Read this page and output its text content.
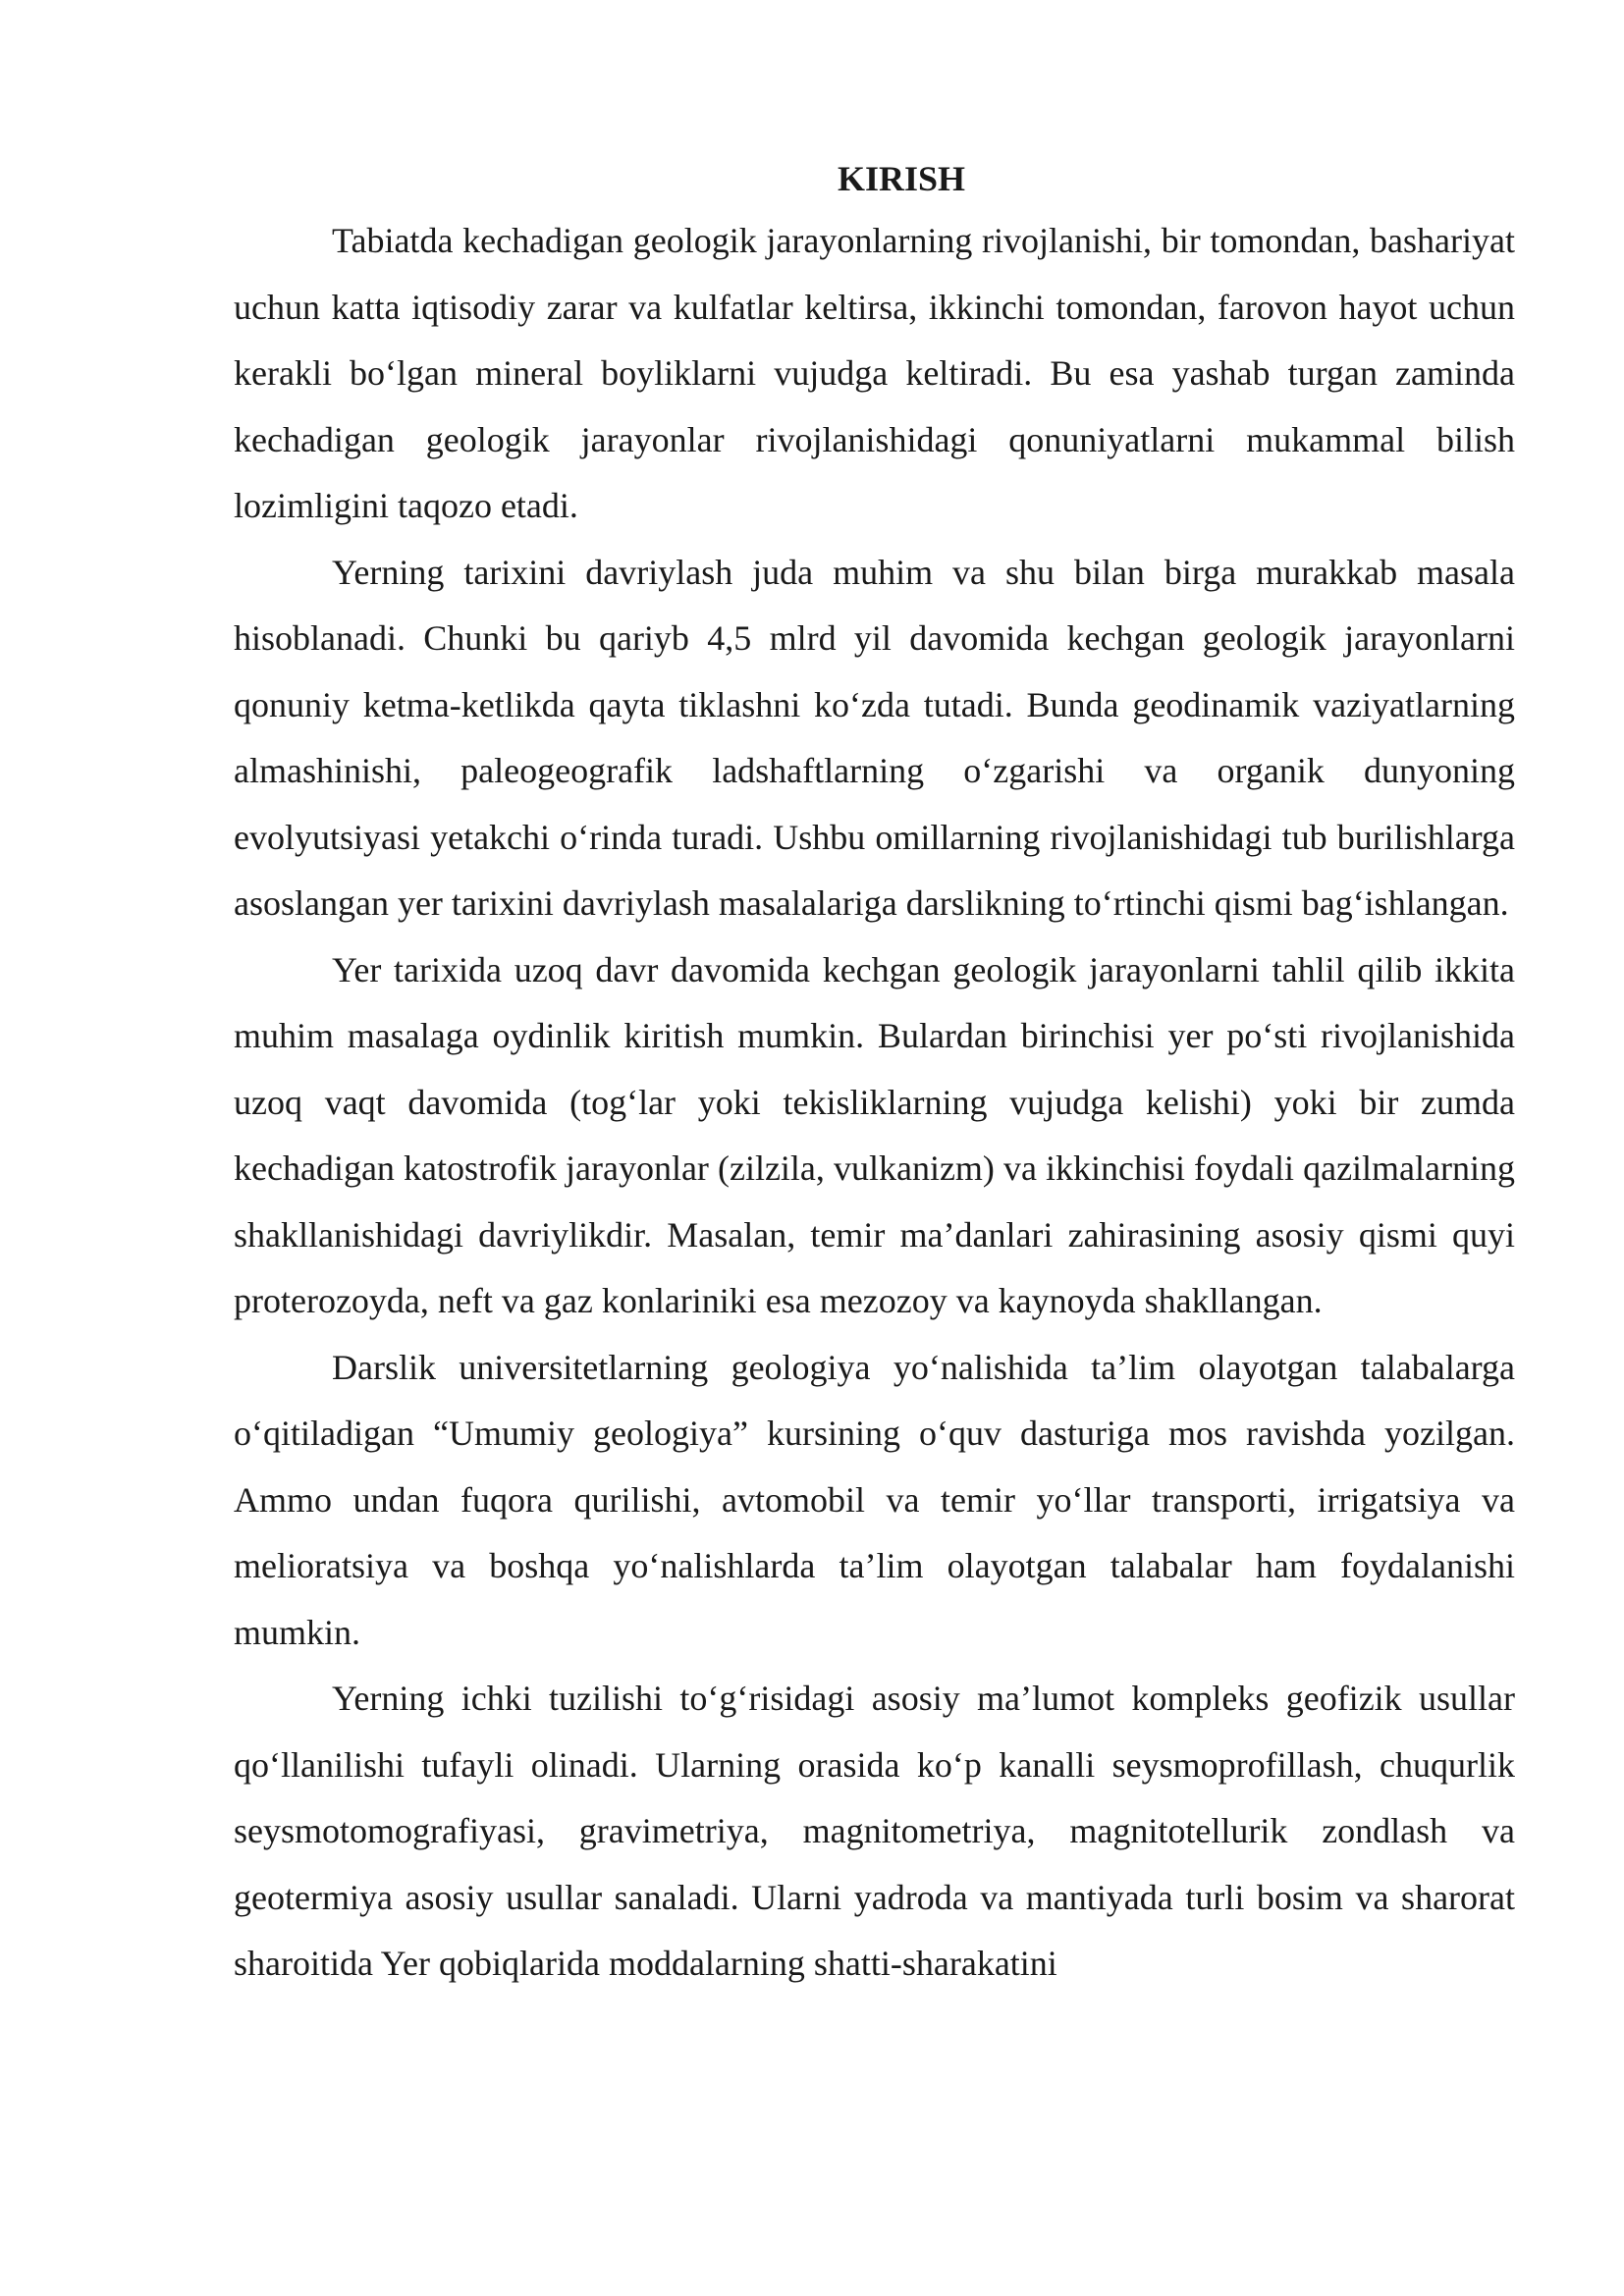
KIRISH

Tabiatda kechadigan geologik jarayonlarning rivojlanishi, bir tomondan, bashariyat uchun katta iqtisodiy zarar va kulfatlar keltirsa, ikkinchi tomondan, farovon hayot uchun kerakli bo‘lgan mineral boyliklarni vujudga keltiradi. Bu esa yashab turgan zaminda kechadigan geologik jarayonlar rivojlanishidagi qonuniyatlarni mukammal bilish lozimligini taqozo etadi.

Yerning tarixini davriylash juda muhim va shu bilan birga murakkab masala hisoblanadi. Chunki bu qariyb 4,5 mlrd yil davomida kechgan geologik jarayonlarni qonuniy ketma-ketlikda qayta tiklashni ko‘zda tutadi. Bunda geodinamik vaziyatlarning almashinishi, paleogeografik ladshaftlarning o‘zgarishi va organik dunyoning evolyutsiyasi yetakchi o‘rinda turadi. Ushbu omillarning rivojlanishidagi tub burilishlarga asoslangan yer tarixini davriylash masalalariga darslikning to‘rtinchi qismi bag‘ishlangan.

Yer tarixida uzoq davr davomida kechgan geologik jarayonlarni tahlil qilib ikkita muhim masalaga oydinlik kiritish mumkin. Bulardan birinchisi yer po‘sti rivojlanishida uzoq vaqt davomida (tog‘lar yoki tekisliklarning vujudga kelishi) yoki bir zumda kechadigan katostrofik jarayonlar (zilzila, vulkanizm) va ikkinchisi foydali qazilmalarning shakllanishidagi davriylikdir. Masalan, temir ma’danlari zahirasining asosiy qismi quyi proterozoyda, neft va gaz konlariniki esa mezozoy va kaynoyda shakllangan.

Darslik universitetlarning geologiya yo‘nalishida ta’lim olayotgan talabalarga o‘qitiladigan “Umumiy geologiya” kursining o‘quv dasturiga mos ravishda yozilgan. Ammo undan fuqora qurilishi, avtomobil va temir yo‘llar transporti, irrigatsiya va melioratsiya va boshqa yo‘nalishlarda ta’lim olayotgan talabalar ham foydalanishi mumkin.

Yerning ichki tuzilishi to‘g‘risidagi asosiy ma’lumot kompleks geofizik usullar qo‘llanilishi tufayli olinadi. Ularning orasida ko‘p kanalli seysmoprofillash, chuqurlik seysmotomografiyasi, gravimetriya, magnitometriya, magnitotellurik zondlash va geotermiya asosiy usullar sanaladi. Ularni yadroda va mantiyada turli bosim va sharorat sharoitida Yer qobiqlarida moddalarning shatti-sharakatini
